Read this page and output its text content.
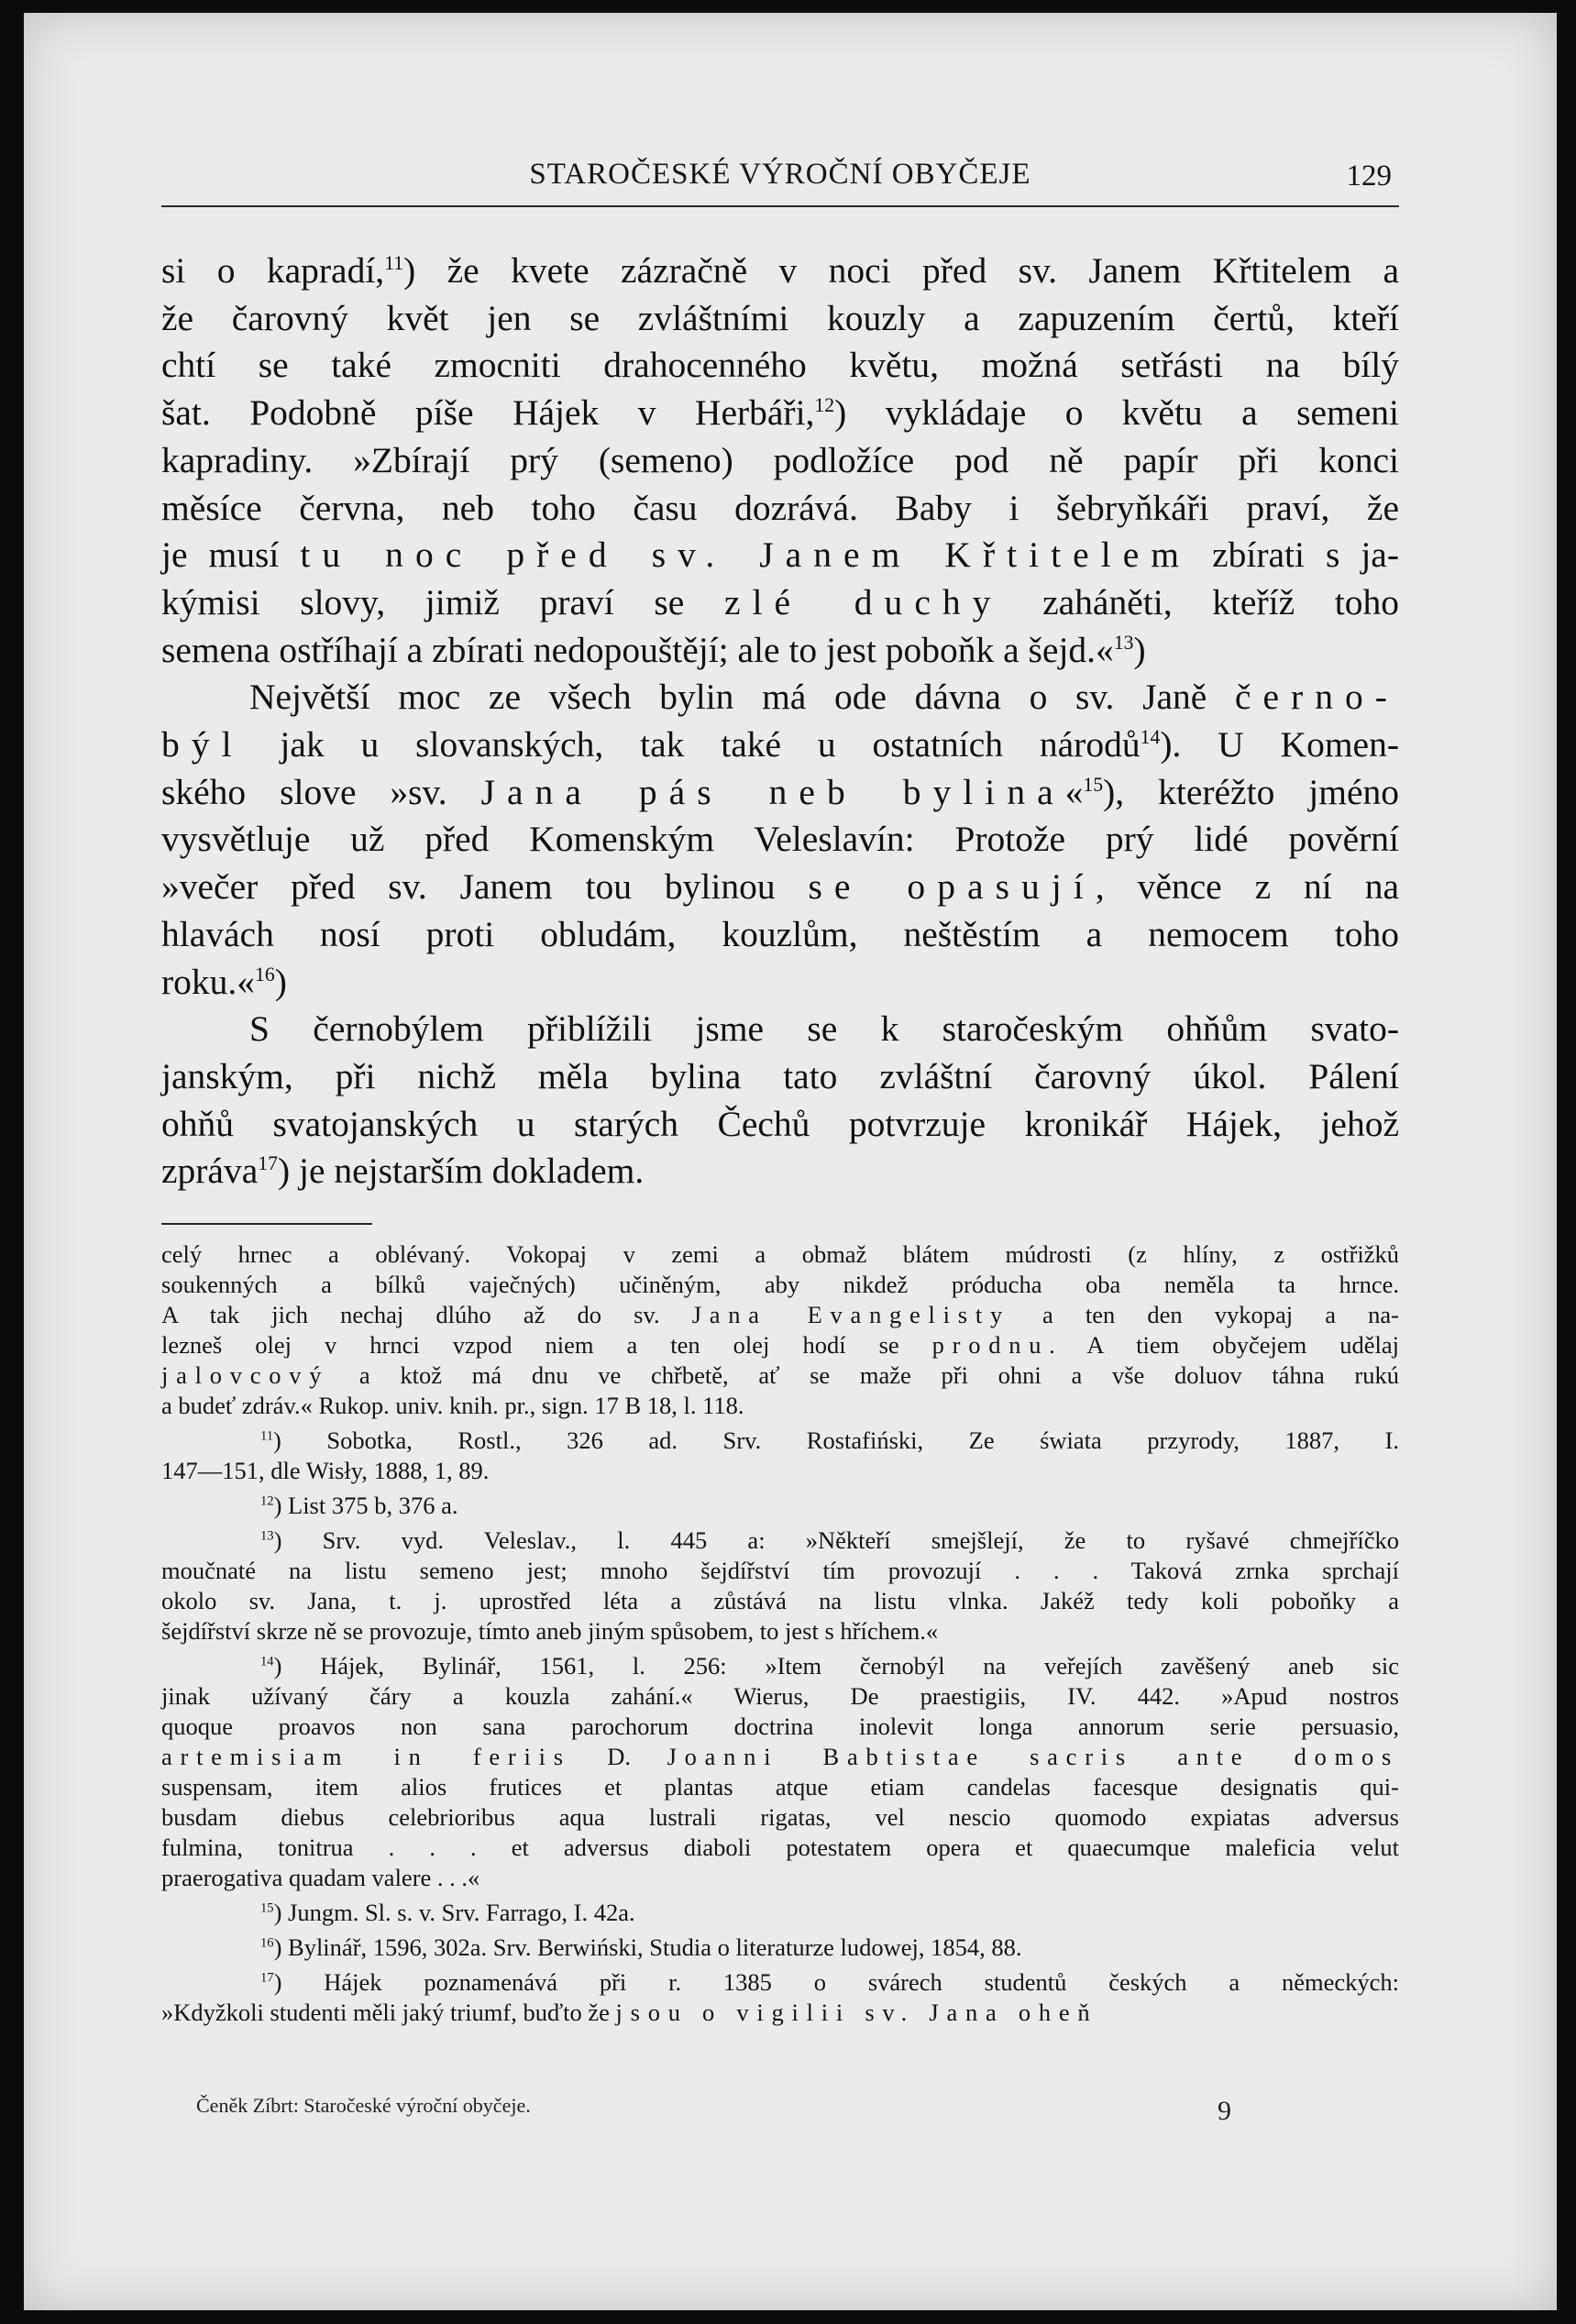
STAROČESKÉ VÝROČNÍ OBYČEJE	129

si o kapradí,$^{11}$) že kvete zázračně v noci před sv. Janem Křtitelem a
že čarovný květ jen se zvláštními kouzly a zapuzením čertů, kteří
chtí se také zmocniti drahocenného květu, možná setřásti na bílý
šat. Podobně píše Hájek v Herbáři,$^{12}$) vykládaje o květu a semeni
kapradiny. »Zbírají prý (semeno) podložíce pod ně papír při konci
měsíce června, neb toho času dozrává. Baby i šebryňkáři praví, že
je musí tu noc před sv. Janem Křtitelem zbírati s ja-
kýmisi slovy, jimiž praví se zlé duchy zaháněti, kteříž toho
semena ostříhají a zbírati nedopouštějí; ale to jest poboňk a šejd.«$^{13}$)

Největší moc ze všech bylin má ode dávna o sv. Janě černo-
býl jak u slovanských, tak také u ostatních národů$^{14}$). U Komen-
ského slove »sv. Jana pás neb bylina«$^{15}$), kteréžto jméno
vysvětluje už před Komenským Veleslavín: Protože prý lidé pověrní
»večer před sv. Janem tou bylinou se opasují, věnce z ní na
hlavách nosí proti obludám, kouzlům, neštěstím a nemocem toho
roku.«$^{16}$)

S černobýlem přiblížili jsme se k staročeským ohňům svato-
janským, při nichž měla bylina tato zvláštní čarovný úkol. Pálení
ohňů svatojanských u starých Čechů potvrzuje kronikář Hájek, jehož
zpráva$^{17}$) je nejstarším dokladem.

celý hrnec a oblévaný. Vokopaj v zemi a obmaž blátem múdrosti (z hlíny, z ostřižků
soukenných a bílků vaječných) učiněným, aby nikdež próducha oba neměla ta hrnce.
A tak jich nechaj dlúho až do sv. Jana Evangelisty a ten den vykopaj a na-
lezneš olej v hrnci vzpod niem a ten olej hodí se prodnu. A tiem obyčejem udělaj
jalovcový a ktož má dnu ve chřbetě, ať se maže při ohni a vše doluov táhna rukú
a budeť zdráv.« Rukop. univ. knih. pr., sign. 17 B 18, l. 118.

$^{11}$) Sobotka, Rostl., 326 ad. Srv. Rostafiński, Ze świata przyrody, 1887, I.
147—151, dle Wisły, 1888, 1, 89.

$^{12}$) List 375 b, 376 a.

$^{13}$) Srv. vyd. Veleslav., l. 445 a: »Někteří smejšlejí, že to ryšavé chmejříčko
moučnaté na listu semeno jest; mnoho šejdířství tím provozují . . . Taková zrnka sprchají
okolo sv. Jana, t. j. uprostřed léta a zůstává na listu vlnka. Jakéž tedy koli poboňky a
šejdířství skrze ně se provozuje, tímto aneb jiným spůsobem, to jest s hříchem.«

$^{14}$) Hájek, Bylinář, 1561, l. 256: »Item černobýl na veřejích zavěšený aneb sic
jinak užívaný čáry a kouzla zahání.« Wierus, De praestigiis, IV. 442. »Apud nostros
quoque proavos non sana parochorum doctrina inolevit longa annorum serie persuasio,
artemisiam in feriis D. Joanni Babtistae sacris ante domos
suspensam, item alios frutices et plantas atque etiam candelas facesque designatis qui-
busdam diebus celebrioribus aqua lustrali rigatas, vel nescio quomodo expiatas adversus
fulmina, tonitrua . . . et adversus diaboli potestatem opera et quaecumque maleficia velut
praerogativa quadam valere . . .«

$^{15}$) Jungm. Sl. s. v. Srv. Farrago, I. 42a.

$^{16}$) Bylinář, 1596, 302a. Srv. Berwiński, Studia o literaturze ludowej, 1854, 88.

$^{17}$) Hájek poznamenává při r. 1385 o svárech studentů českých a německých:
»Kdyžkoli studenti měli jaký triumf, buďto že jsou o vigilii sv. Jana oheň

Čeněk Zíbrt: Staročeské výroční obyčeje.	9
